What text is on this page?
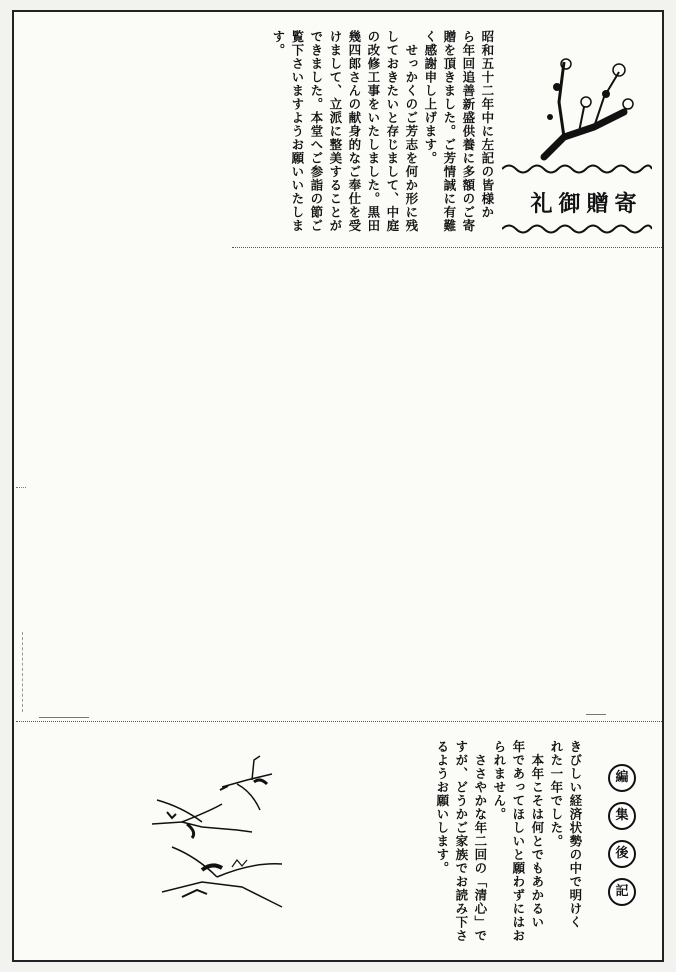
礼御贈寄
昭和五十二年中に左記の皆様か
ら年回追善新盛供養に多額のご寄
贈を頂きました。ご芳情誠に有難
く感謝申し上げます。
　せっかくのご芳志を何か形に残
しておきたいと存じまして、中庭
の改修工事をいたしました。黒田
幾四郎さんの献身的なご奉仕を受
けまして、立派に整美することが
できました。本堂へご参詣の節ご
覧下さいますようお願いいたしま
す。
編
集
後
記
きびしい経済状勢の中で明けく
れた一年でした。
　本年こそは何とでもあかるい
年であってほしいと願わずにはお
られません。
　ささやかな年二回の「清心」で
すが、どうかご家族でお読み下さ
るようお願いします。
